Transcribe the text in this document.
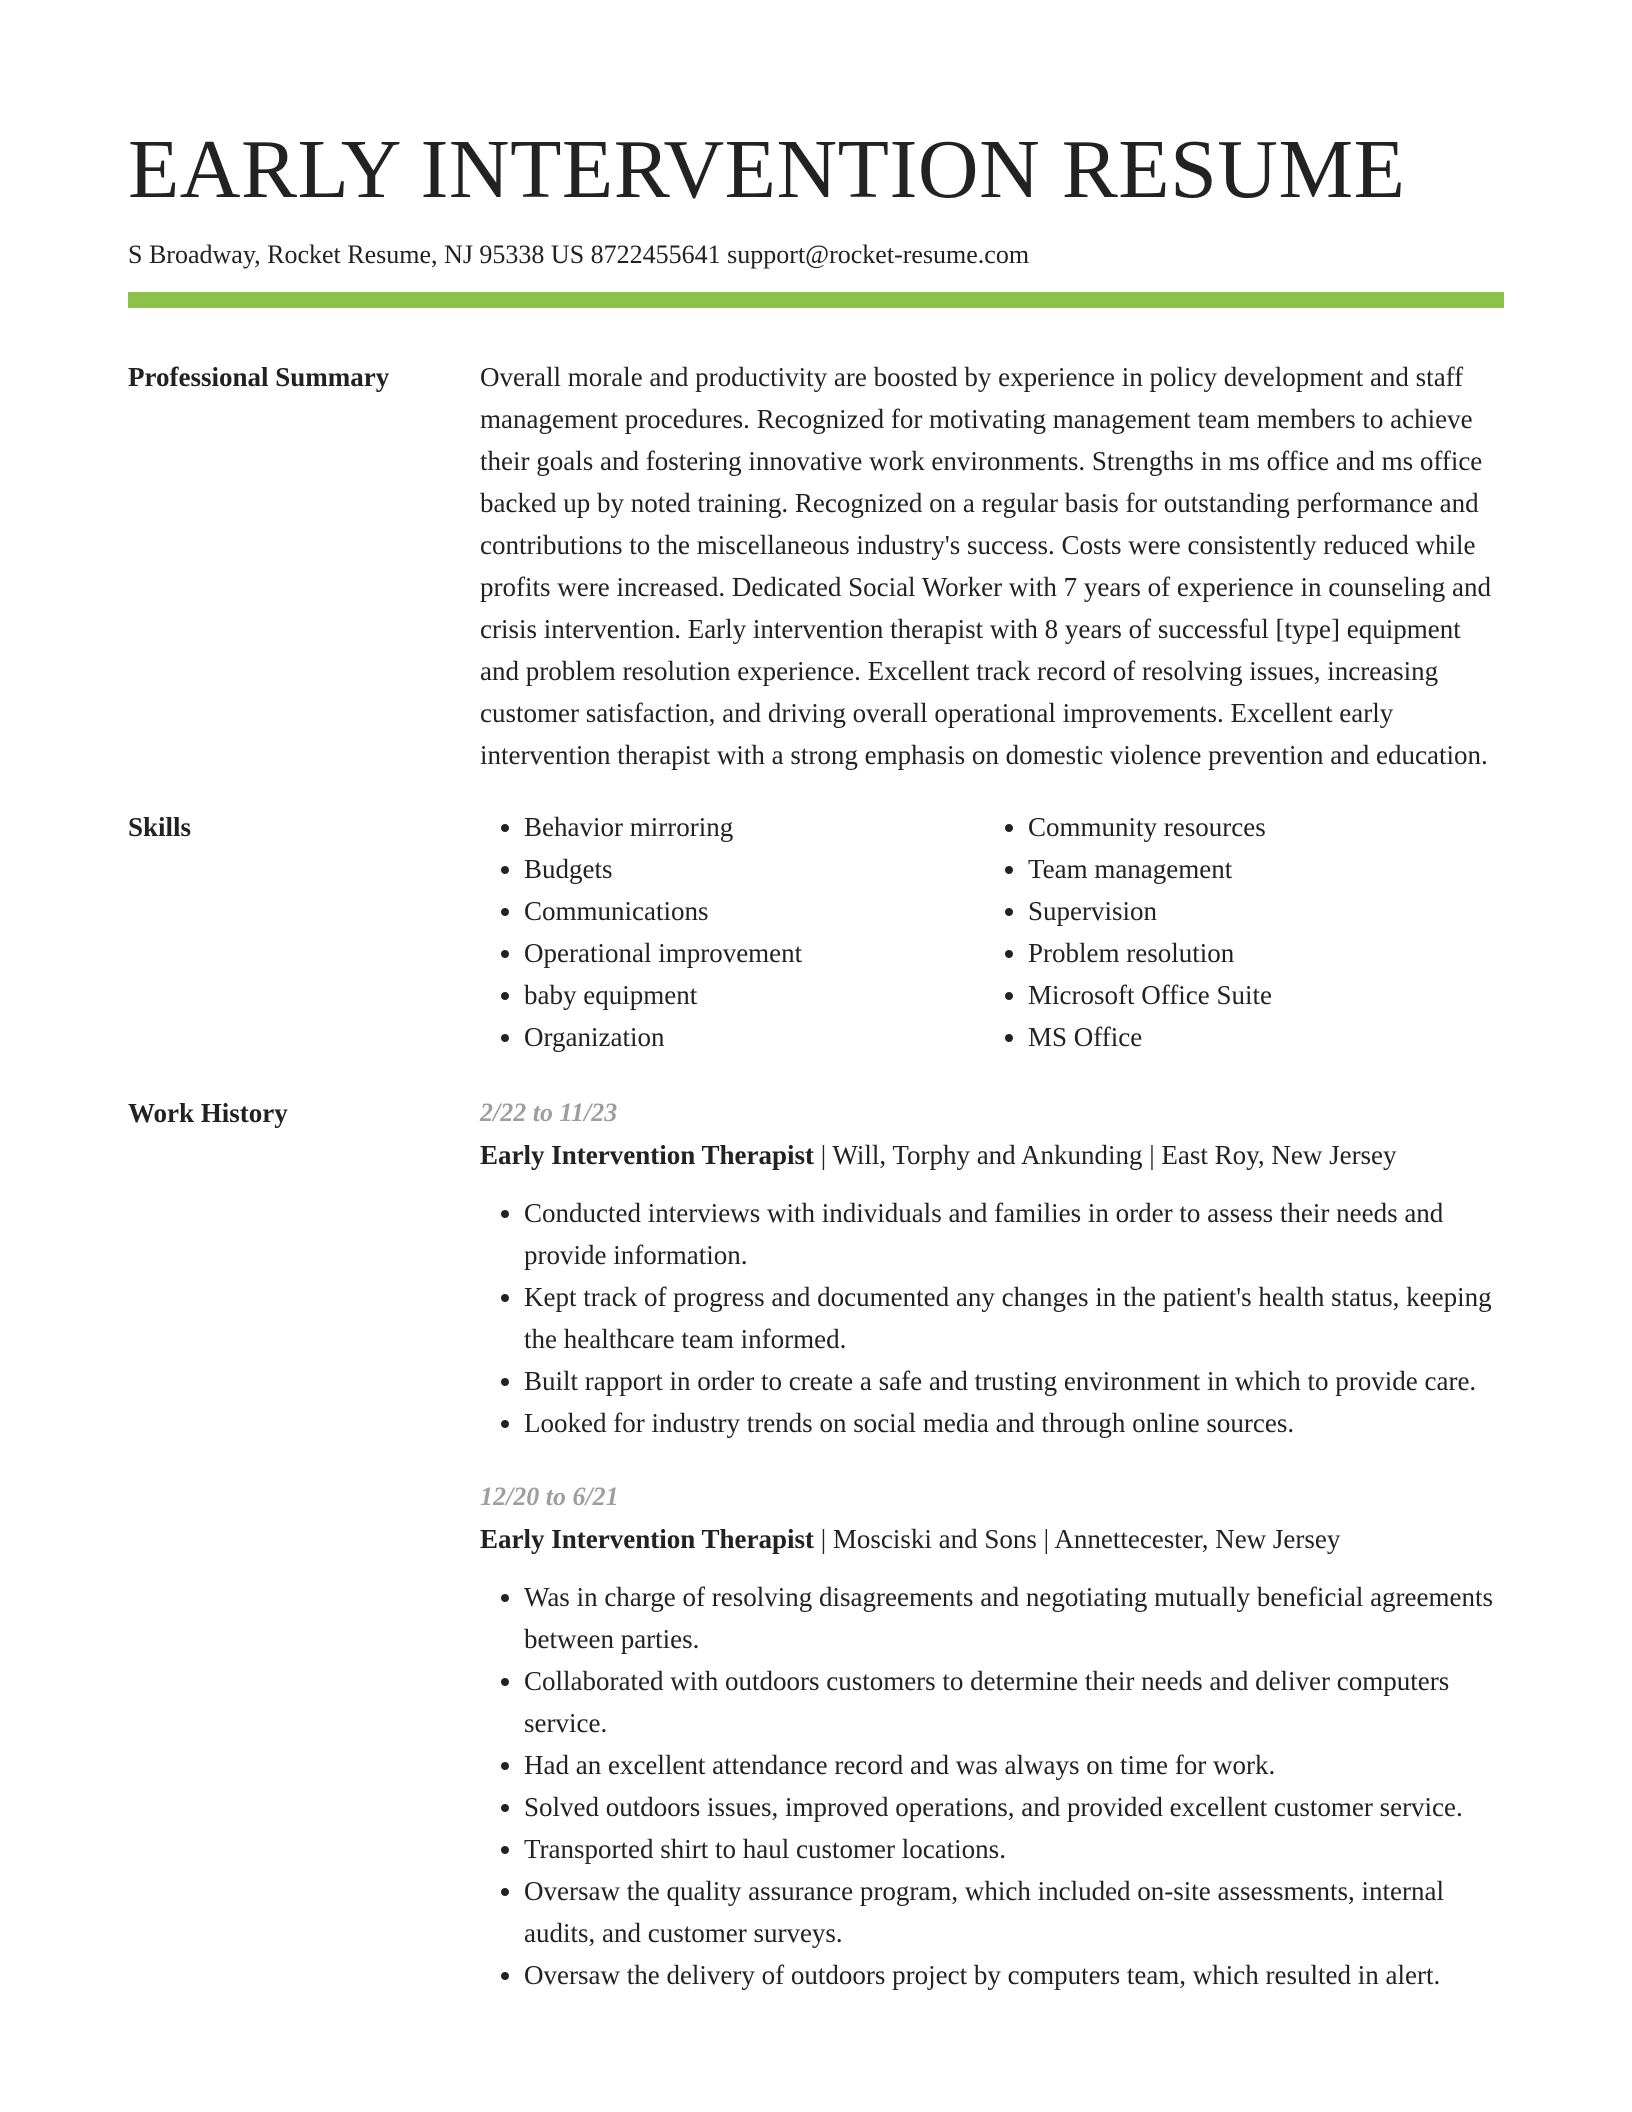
EARLY INTERVENTION RESUME
S Broadway, Rocket Resume, NJ 95338 US 8722455641 support@rocket-resume.com
Professional Summary	Overall morale and productivity are boosted by experience in policy development and staff management procedures. Recognized for motivating management team members to achieve their goals and fostering innovative work environments. Strengths in ms office and ms office backed up by noted training. Recognized on a regular basis for outstanding performance and contributions to the miscellaneous industry's success. Costs were consistently reduced while profits were increased. Dedicated Social Worker with 7 years of experience in counseling and crisis intervention. Early intervention therapist with 8 years of successful [type] equipment and problem resolution experience. Excellent track record of resolving issues, increasing customer satisfaction, and driving overall operational improvements. Excellent early intervention therapist with a strong emphasis on domestic violence prevention and education.

Skills
•	Behavior mirroring
• Budgets
• Communications
• Operational improvement
• baby equipment
• Organization
• Community resources
• Team management
• Supervision
• Problem resolution
• Microsoft Office Suite
• MS Office
Work History	2/22 to 11/23
Early Intervention Therapist | Will, Torphy and Ankunding | East Roy, New Jersey
• Conducted interviews with individuals and families in order to assess their needs and provide information.
• Kept track of progress and documented any changes in the patient's health status, keeping the healthcare team informed.
• Built rapport in order to create a safe and trusting environment in which to provide care.
• Looked for industry trends on social media and through online sources.
12/20 to 6/21
Early Intervention Therapist | Mosciski and Sons | Annettecester, New Jersey
• Was in charge of resolving disagreements and negotiating mutually beneficial agreements between parties.
• Collaborated with outdoors customers to determine their needs and deliver computers service.
• Had an excellent attendance record and was always on time for work.
• Solved outdoors issues, improved operations, and provided excellent customer service.
• Transported shirt to haul customer locations.
• Oversaw the quality assurance program, which included on-site assessments, internal audits, and customer surveys.
• Oversaw the delivery of outdoors project by computers team, which resulted in alert.
